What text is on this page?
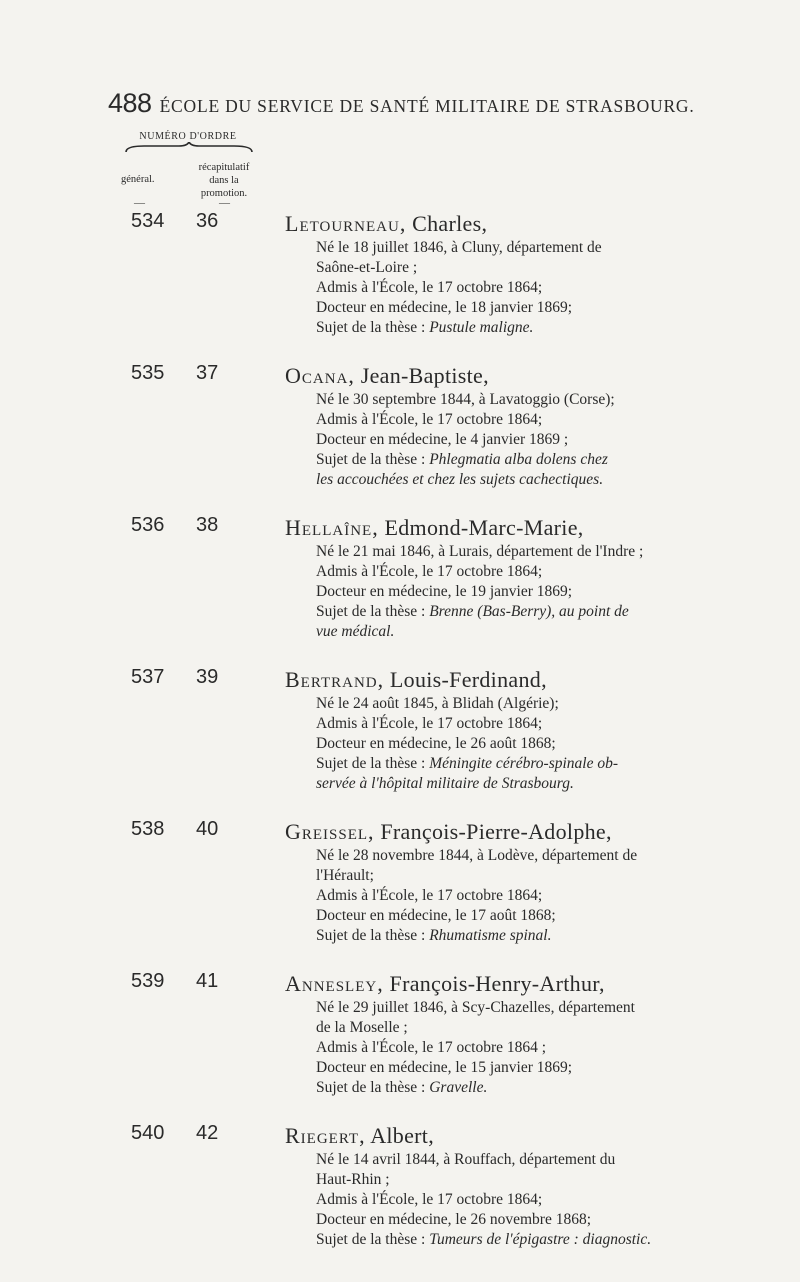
488 ÉCOLE DU SERVICE DE SANTÉ MILITAIRE DE STRASBOURG.
NUMÉRO D'ORDRE
général.
récapitulatif
dans la
promotion.
—	—
534 36	Letourneau, Charles,
Né le 18 juillet 1846, à Cluny, département de
Saône-et-Loire ;
Admis à l'École, le 17 octobre 1864;
Docteur en médecine, le 18 janvier 1869;
Sujet de la thèse : Pustule maligne.
535 37	Ocana, Jean-Baptiste,
Né le 30 septembre 1844, à Lavatoggio (Corse);
Admis à l'École, le 17 octobre 1864;
Docteur en médecine, le 4 janvier 1869 ;
Sujet de la thèse : Phlegmatia alba dolens chez
les accouchées et chez les sujets cachectiques.
536 38	Hellaîne, Edmond-Marc-Marie,
Né le 21 mai 1846, à Lurais, département de l'Indre ;
Admis à l'École, le 17 octobre 1864;
Docteur en médecine, le 19 janvier 1869;
Sujet de la thèse : Brenne (Bas-Berry), au point de
vue médical.
537 39	Bertrand, Louis-Ferdinand,
Né le 24 août 1845, à Blidah (Algérie);
Admis à l'École, le 17 octobre 1864;
Docteur en médecine, le 26 août 1868;
Sujet de la thèse : Méningite cérébro-spinale ob-
servée à l'hôpital militaire de Strasbourg.
538 40	Greissel, François-Pierre-Adolphe,
Né le 28 novembre 1844, à Lodève, département de
l'Hérault;
Admis à l'École, le 17 octobre 1864;
Docteur en médecine, le 17 août 1868;
Sujet de la thèse : Rhumatisme spinal.
539 41	Annesley, François-Henry-Arthur,
Né le 29 juillet 1846, à Scy-Chazelles, département
de la Moselle ;
Admis à l'École, le 17 octobre 1864 ;
Docteur en médecine, le 15 janvier 1869;
Sujet de la thèse : Gravelle.
540 42	Riegert, Albert,
Né le 14 avril 1844, à Rouffach, département du
Haut-Rhin ;
Admis à l'École, le 17 octobre 1864;
Docteur en médecine, le 26 novembre 1868;
Sujet de la thèse : Tumeurs de l'épigastre : diagnostic.
